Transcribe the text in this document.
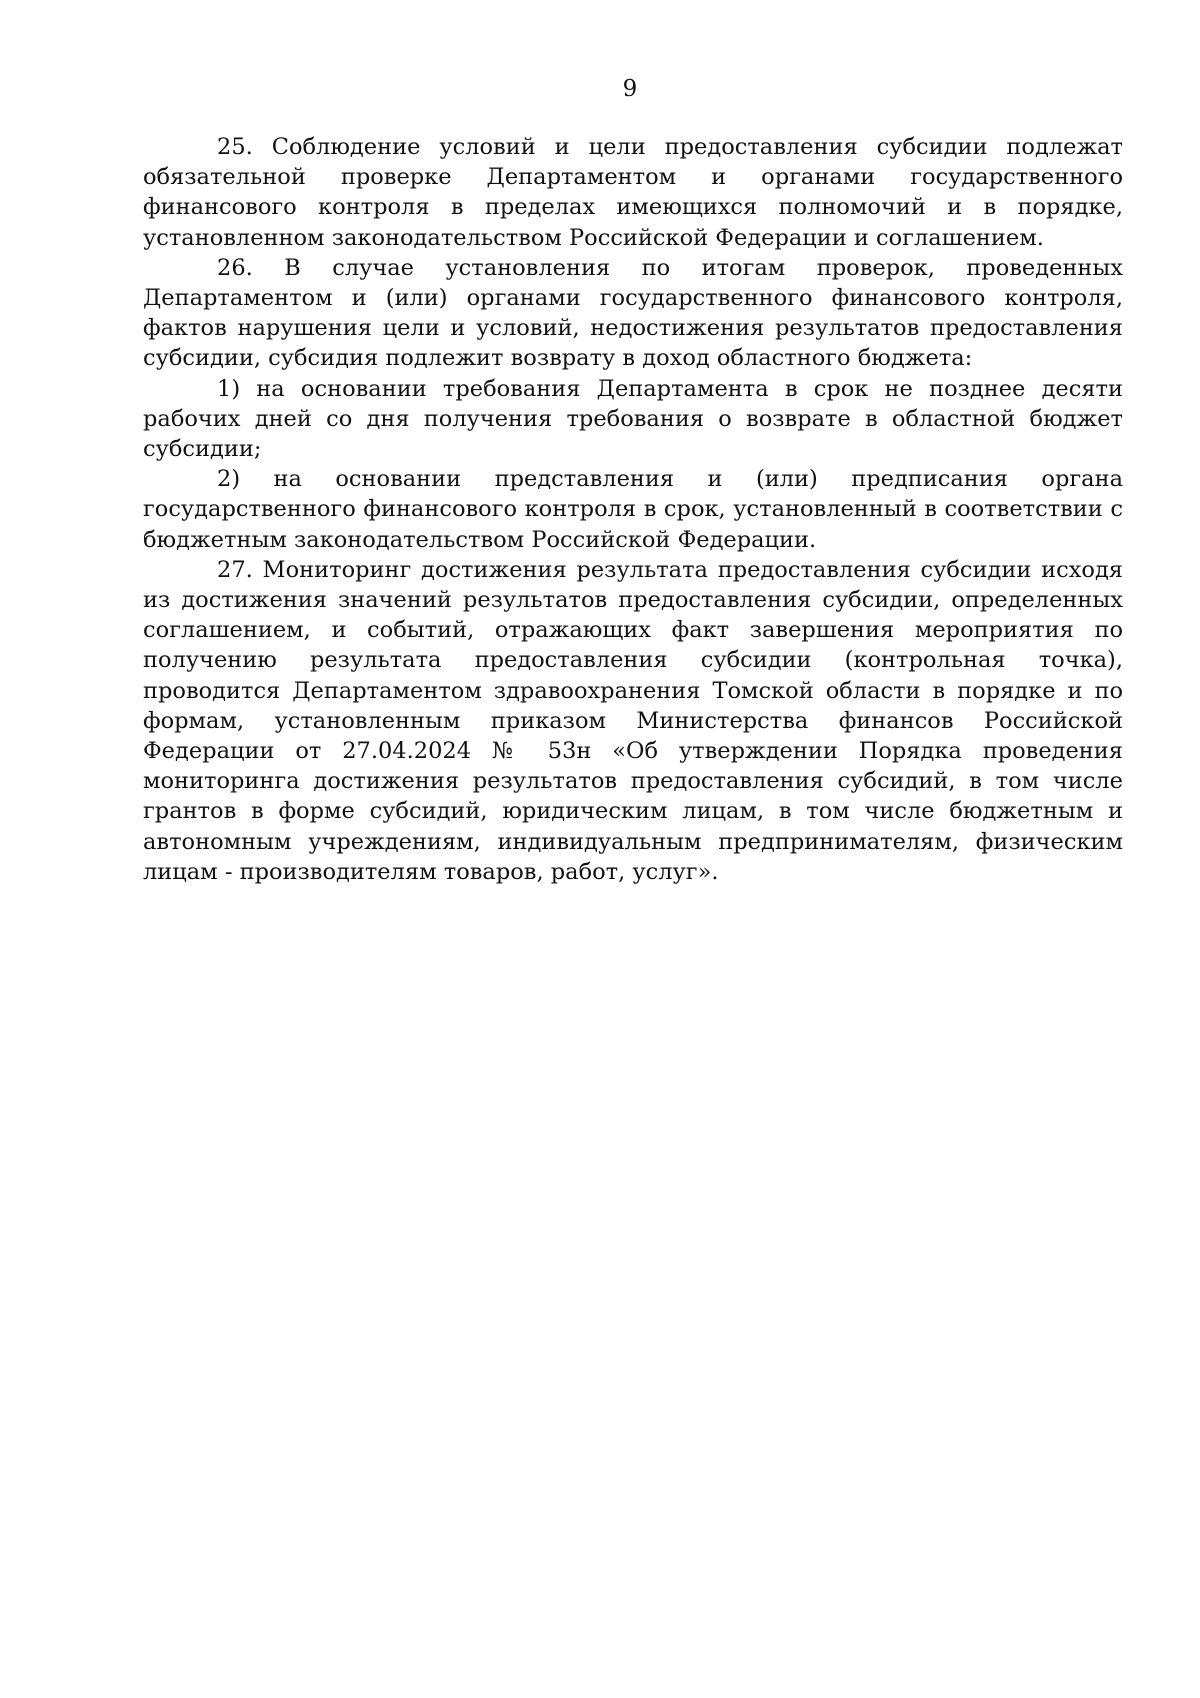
9

25. Соблюдение условий и цели предоставления субсидии подлежат обязательной проверке Департаментом и органами государственного финансового контроля в пределах имеющихся полномочий и в порядке, установленном законодательством Российской Федерации и соглашением.

26. В случае установления по итогам проверок, проведенных Департаментом и (или) органами государственного финансового контроля, фактов нарушения цели и условий, недостижения результатов предоставления субсидии, субсидия подлежит возврату в доход областного бюджета:

1) на основании требования Департамента в срок не позднее десяти рабочих дней со дня получения требования о возврате в областной бюджет субсидии;

2) на основании представления и (или) предписания органа государственного финансового контроля в срок, установленный в соответствии с бюджетным законодательством Российской Федерации.

27. Мониторинг достижения результата предоставления субсидии исходя из достижения значений результатов предоставления субсидии, определенных соглашением, и событий, отражающих факт завершения мероприятия по получению результата предоставления субсидии (контрольная точка), проводится Департаментом здравоохранения Томской области в порядке и по формам, установленным приказом Министерства финансов Российской Федерации от 27.04.2024 № 53н «Об утверждении Порядка проведения мониторинга достижения результатов предоставления субсидий, в том числе грантов в форме субсидий, юридическим лицам, в том числе бюджетным и автономным учреждениям, индивидуальным предпринимателям, физическим лицам - производителям товаров, работ, услуг».
